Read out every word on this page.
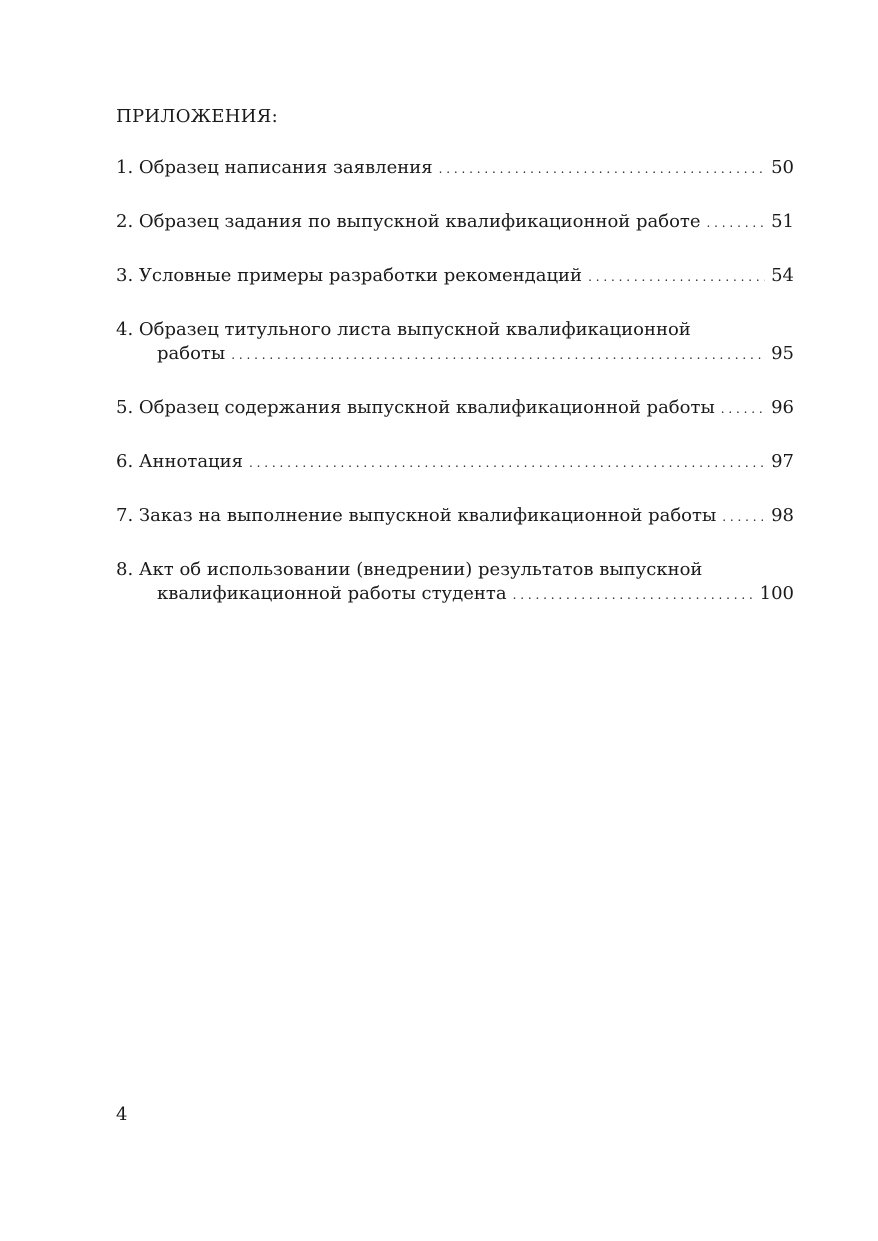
ПРИЛОЖЕНИЯ:
1. Образец написания заявления . . .	50
2. Образец задания по выпускной квалификационной работе . . .	51
3. Условные примеры разработки рекомендаций . . .	54
4. Образец титульного листа выпускной квалификационной
работы . . .	95
5. Образец содержания выпускной квалификационной работы . . .	96
6. Аннотация . . .	97
7. Заказ на выполнение выпускной квалификационной работы . . .	98
8. Акт об использовании (внедрении) результатов выпускной
квалификационной работы студента . . .	100
4
